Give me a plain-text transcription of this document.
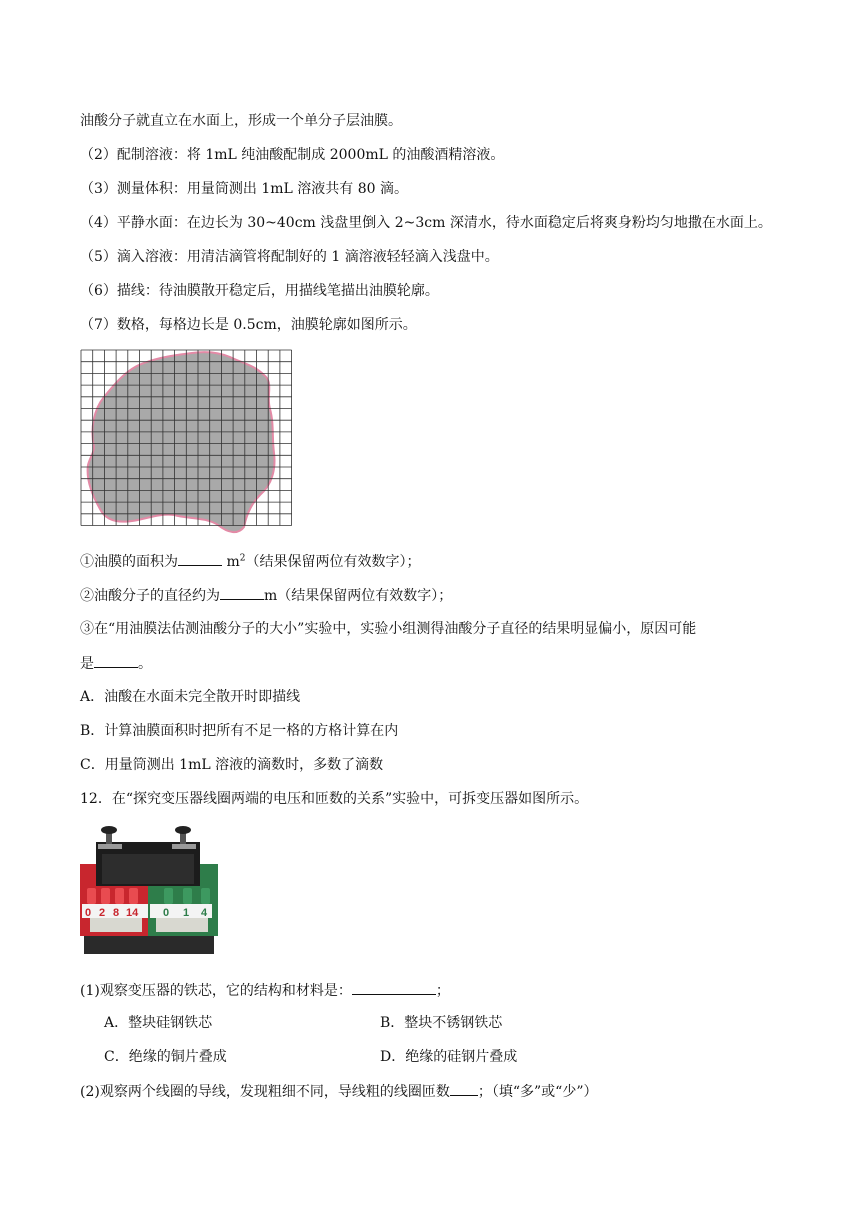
油酸分子就直立在水面上，形成一个单分子层油膜。
（2）配制溶液：将 1mL 纯油酸配制成 2000mL 的油酸酒精溶液。
（3）测量体积：用量筒测出 1mL 溶液共有 80 滴。
（4）平静水面：在边长为 30~40cm 浅盘里倒入 2~3cm 深清水，待水面稳定后将爽身粉均匀地撒在水面上。
（5）滴入溶液：用清洁滴管将配制好的 1 滴溶液轻轻滴入浅盘中。
（6）描线：待油膜散开稳定后，用描线笔描出油膜轮廓。
（7）数格，每格边长是 0.5cm，油膜轮廓如图所示。
①油膜的面积为	$m^2$（结果保留两位有效数字）；
②油酸分子的直径约为	m（结果保留两位有效数字）；
③在“用油膜法估测油酸分子的大小”实验中，实验小组测得油酸分子直径的结果明显偏小，原因可能
是	。
A．油酸在水面未完全散开时即描线
B．计算油膜面积时把所有不足一格的方格计算在内
C．用量筒测出 1mL 溶液的滴数时，多数了滴数
12．在“探究变压器线圈两端的电压和匝数的关系”实验中，可拆变压器如图所示。
0 2 8 14 0 1 4
(1)观察变压器的铁芯，它的结构和材料是：	；
A．整块硅钢铁芯	B．整块不锈钢铁芯
C．绝缘的铜片叠成	D．绝缘的硅钢片叠成
(2)观察两个线圈的导线，发现粗细不同，导线粗的线圈匝数 ；（填“多”或“少”）
